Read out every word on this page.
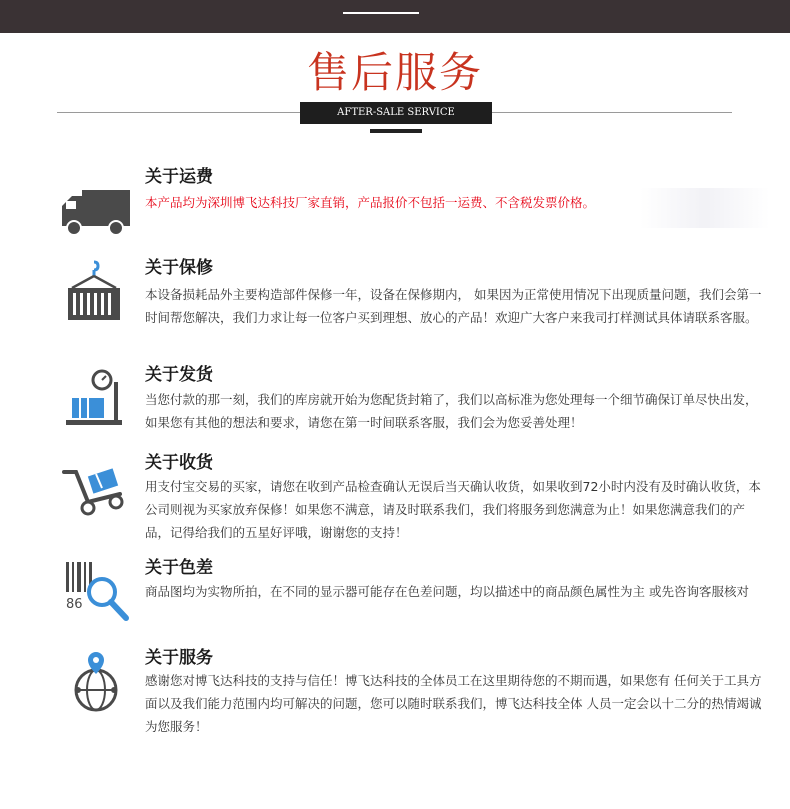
售后服务
AFTER-SALE SERVICE
关于运费
本产品均为深圳博飞达科技厂家直销，产品报价不包括一运费、不含税发票价格。
关于保修
本设备损耗品外主要构造部件保修一年，设备在保修期内， 如果因为正常使用情况下出现质量问题，我们会第一时间帮您解决，我们力求让每一位客户买到理想、放心的产品！欢迎广大客户来我司打样测试具体请联系客服。
关于发货
当您付款的那一刻，我们的库房就开始为您配货封箱了，我们以高标准为您处理每一个细节确保订单尽快出发，如果您有其他的想法和要求，请您在第一时间联系客服，我们会为您妥善处理！
关于收货
用支付宝交易的买家，请您在收到产品检查确认无误后当天确认收货，如果收到72小时内没有及时确认收货，本公司则视为买家放弃保修！如果您不满意，请及时联系我们，我们将服务到您满意为止！如果您满意我们的产品，记得给我们的五星好评哦，谢谢您的支持！
86
关于色差
商品图均为实物所拍，在不同的显示器可能存在色差问题，均以描述中的商品颜色属性为主 或先咨询客服核对
关于服务
感谢您对博飞达科技的支持与信任！博飞达科技的全体员工在这里期待您的不期而遇，如果您有 任何关于工具方面以及我们能力范围内均可解决的问题，您可以随时联系我们，博飞达科技全体 人员一定会以十二分的热情竭诚为您服务！
